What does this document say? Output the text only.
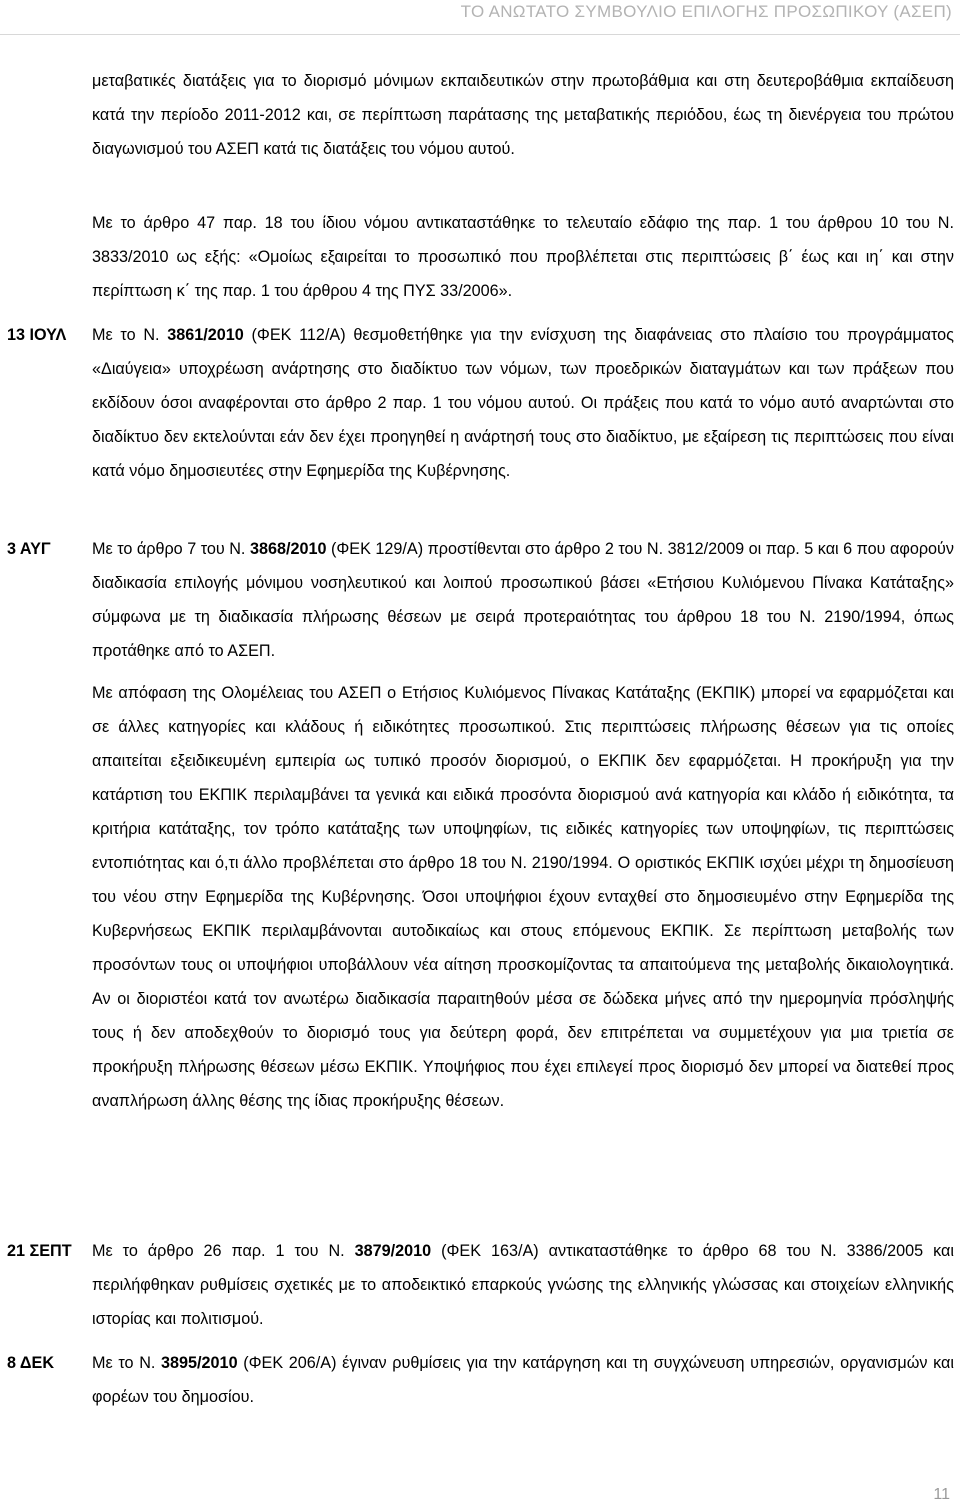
ΤΟ ΑΝΩΤΑΤΟ ΣΥΜΒΟΥΛΙΟ ΕΠΙΛΟΓΗΣ ΠΡΟΣΩΠΙΚΟΥ (ΑΣΕΠ)

μεταβατικές διατάξεις για το διορισμό μόνιμων εκπαιδευτικών στην πρωτοβάθμια και στη δευτεροβάθμια εκπαίδευση κατά την περίοδο 2011-2012 και, σε περίπτωση παράτασης της μεταβατικής περιόδου, έως τη διενέργεια του πρώτου διαγωνισμού του ΑΣΕΠ κατά τις διατάξεις του νόμου αυτού.

Με το άρθρο 47 παρ. 18 του ίδιου νόμου αντικαταστάθηκε το τελευταίο εδάφιο της παρ. 1 του άρθρου 10 του Ν. 3833/2010 ως εξής: «Ομοίως εξαιρείται το προσωπικό που προβλέπεται στις περιπτώσεις β΄ έως και ιη΄ και στην περίπτωση κ΄ της παρ. 1 του άρθρου 4 της ΠΥΣ 33/2006».

13 ΙΟΥΛ Με το Ν. 3861/2010 (ΦΕΚ 112/Α) θεσμοθετήθηκε για την ενίσχυση της διαφάνειας στο πλαίσιο του προγράμματος «Διαύγεια» υποχρέωση ανάρτησης στο διαδίκτυο των νόμων, των προεδρικών διαταγμάτων και των πράξεων που εκδίδουν όσοι αναφέρονται στο άρθρο 2 παρ. 1 του νόμου αυτού. Οι πράξεις που κατά το νόμο αυτό αναρτώνται στο διαδίκτυο δεν εκτελούνται εάν δεν έχει προηγηθεί η ανάρτησή τους στο διαδίκτυο, με εξαίρεση τις περιπτώσεις που είναι κατά νόμο δημοσιευτέες στην Εφημερίδα της Κυβέρνησης.

3 ΑΥΓ	Με το άρθρο 7 του Ν. 3868/2010 (ΦΕΚ 129/Α) προστίθενται στο άρθρο 2 του Ν. 3812/2009 οι παρ. 5 και 6 που αφορούν διαδικασία επιλογής μόνιμου νοσηλευτικού και λοιπού προσωπικού βάσει «Ετήσιου Κυλιόμενου Πίνακα Κατάταξης» σύμφωνα με τη διαδικασία πλήρωσης θέσεων με σειρά προτεραιότητας του άρθρου 18 του Ν. 2190/1994, όπως προτάθηκε από το ΑΣΕΠ.

Με απόφαση της Ολομέλειας του ΑΣΕΠ ο Ετήσιος Κυλιόμενος Πίνακας Κατάταξης (ΕΚΠΙΚ) μπορεί να εφαρμόζεται και σε άλλες κατηγορίες και κλάδους ή ειδικότητες προσωπικού. Στις περιπτώσεις πλήρωσης θέσεων για τις οποίες απαιτείται εξειδικευμένη εμπειρία ως τυπικό προσόν διορισμού, ο ΕΚΠΙΚ δεν εφαρμόζεται. Η προκήρυξη για την κατάρτιση του ΕΚΠΙΚ περιλαμβάνει τα γενικά και ειδικά προσόντα διορισμού ανά κατηγορία και κλάδο ή ειδικότητα, τα κριτήρια κατάταξης, τον τρόπο κατάταξης των υποψηφίων, τις ειδικές κατηγορίες των υποψηφίων, τις περιπτώσεις εντοπιότητας και ό,τι άλλο προβλέπεται στο άρθρο 18 του Ν. 2190/1994. Ο οριστικός ΕΚΠΙΚ ισχύει μέχρι τη δημοσίευση του νέου στην Εφημερίδα της Κυβέρνησης. Όσοι υποψήφιοι έχουν ενταχθεί στο δημοσιευμένο στην Εφημερίδα της Κυβερνήσεως ΕΚΠΙΚ περιλαμβάνονται αυτοδικαίως και στους επόμενους ΕΚΠΙΚ. Σε περίπτωση μεταβολής των προσόντων τους οι υποψήφιοι υποβάλλουν νέα αίτηση προσκομίζοντας τα απαιτούμενα της μεταβολής δικαιολογητικά. Αν οι διοριστέοι κατά τον ανωτέρω διαδικασία παραιτηθούν μέσα σε δώδεκα μήνες από την ημερομηνία πρόσληψής τους ή δεν αποδεχθούν το διορισμό τους για δεύτερη φορά, δεν επιτρέπεται να συμμετέχουν για μια τριετία σε προκήρυξη πλήρωσης θέσεων μέσω ΕΚΠΙΚ. Υποψήφιος που έχει επιλεγεί προς διορισμό δεν μπορεί να διατεθεί προς αναπλήρωση άλλης θέσης της ίδιας προκήρυξης θέσεων.

21 ΣΕΠΤ Με το άρθρο 26 παρ. 1 του Ν. 3879/2010 (ΦΕΚ 163/Α) αντικαταστάθηκε το άρθρο 68 του Ν. 3386/2005 και περιλήφθηκαν ρυθμίσεις σχετικές με το αποδεικτικό επαρκούς γνώσης της ελληνικής γλώσσας και στοιχείων ελληνικής ιστορίας και πολιτισμού.

8 ΔΕΚ Με το Ν. 3895/2010 (ΦΕΚ 206/Α) έγιναν ρυθμίσεις για την κατάργηση και τη συγχώνευση υπηρεσιών, οργανισμών και φορέων του δημοσίου.

11
